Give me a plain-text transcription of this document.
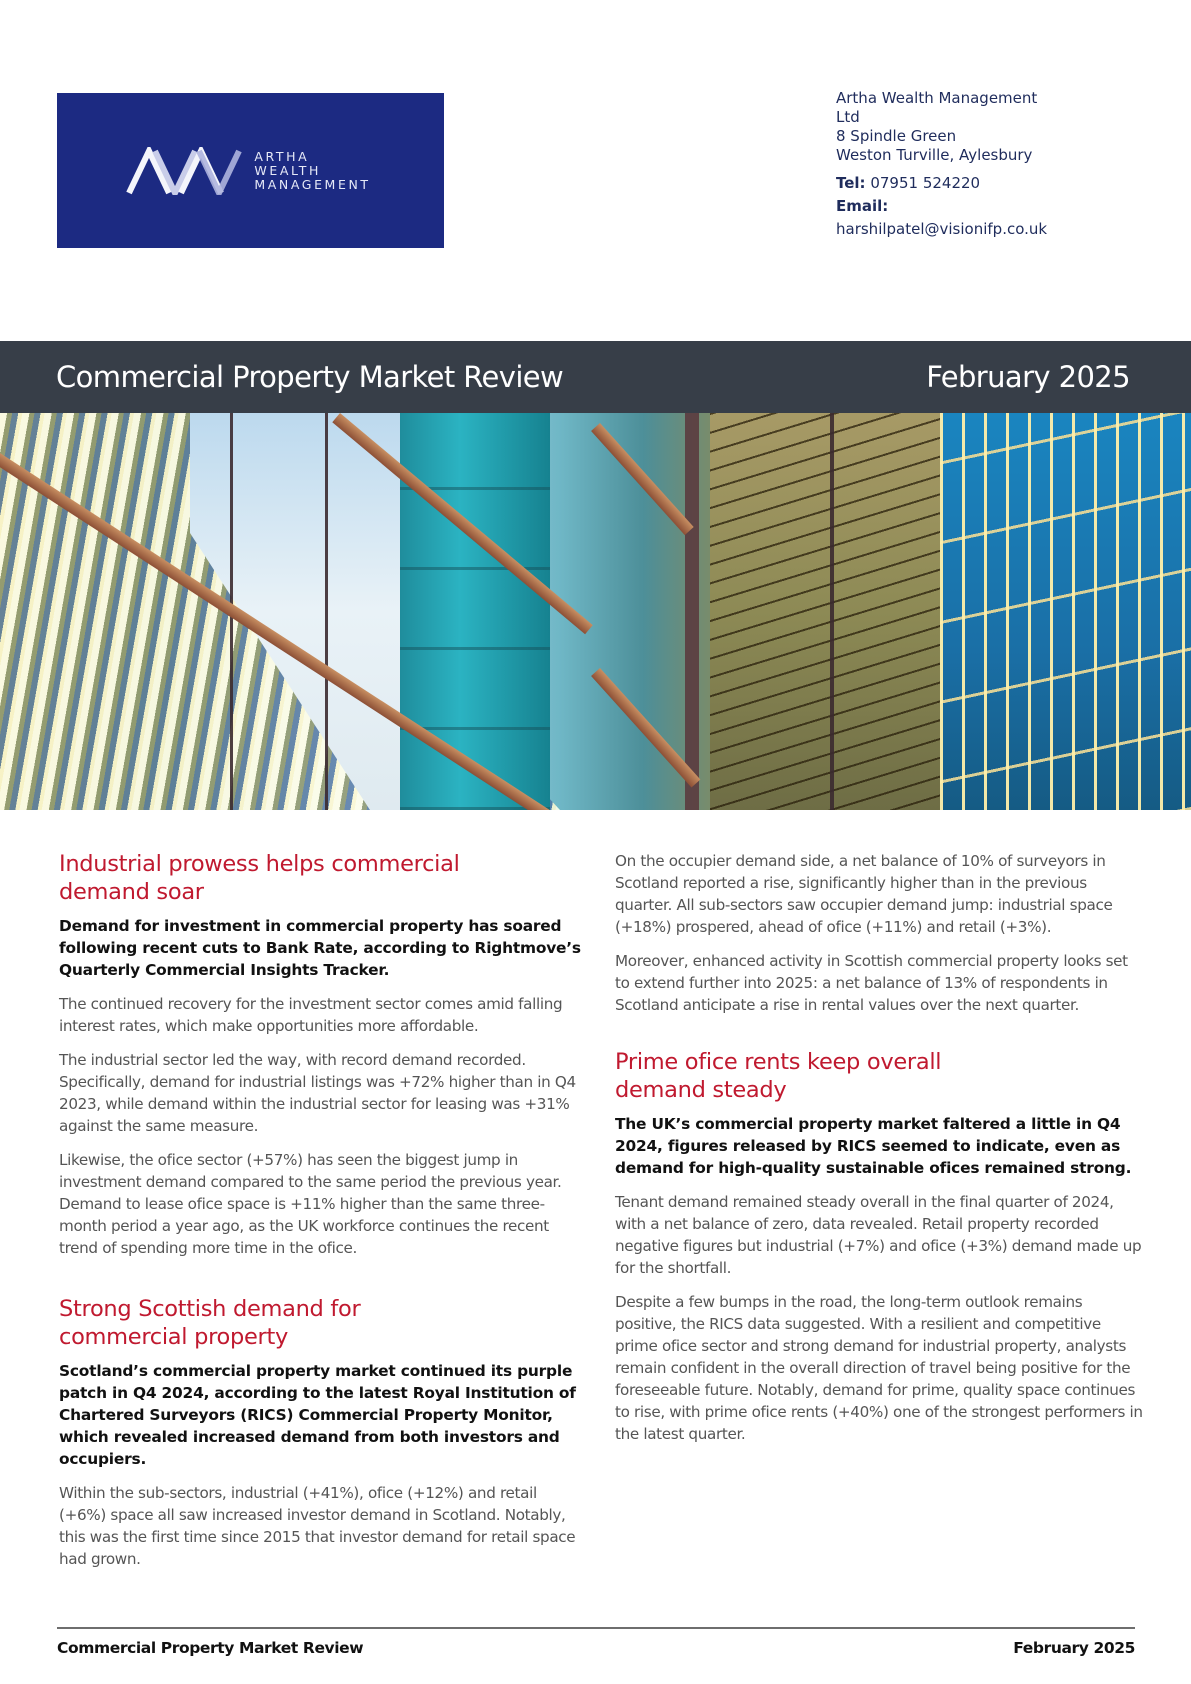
ARTHA
WEALTH
MANAGEMENT
Artha Wealth Management
Ltd
8 Spindle Green
Weston Turville, Aylesbury
Tel: 07951 524220
Email:
harshilpatel@visionifp.co.uk
Commercial Property Market Review	February 2025
Industrial prowess helps commercial
demand soar

Demand for investment in commercial property has soared following recent cuts to Bank Rate, according to Rightmove’s Quarterly Commercial Insights Tracker.

The continued recovery for the investment sector comes amid falling interest rates, which make opportunities more affordable.

The industrial sector led the way, with record demand recorded. Specifically, demand for industrial listings was +72% higher than in Q4 2023, while demand within the industrial sector for leasing was +31% against the same measure.

Likewise, the ofice sector (+57%) has seen the biggest jump in investment demand compared to the same period the previous year. Demand to lease ofice space is +11% higher than the same three-month period a year ago, as the UK workforce continues the recent trend of spending more time in the ofice.

Strong Scottish demand for
commercial property

Scotland’s commercial property market continued its purple patch in Q4 2024, according to the latest Royal Institution of Chartered Surveyors (RICS) Commercial Property Monitor, which revealed increased demand from both investors and occupiers.

Within the sub-sectors, industrial (+41%), ofice (+12%) and retail (+6%) space all saw increased investor demand in Scotland. Notably, this was the first time since 2015 that investor demand for retail space had grown.

On the occupier demand side, a net balance of 10% of surveyors in Scotland reported a rise, significantly higher than in the previous quarter. All sub-sectors saw occupier demand jump: industrial space (+18%) prospered, ahead of ofice (+11%) and retail (+3%).

Moreover, enhanced activity in Scottish commercial property looks set to extend further into 2025: a net balance of 13% of respondents in Scotland anticipate a rise in rental values over the next quarter.

Prime ofice rents keep overall
demand steady

The UK’s commercial property market faltered a little in Q4 2024, figures released by RICS seemed to indicate, even as demand for high-quality sustainable ofices remained strong.

Tenant demand remained steady overall in the final quarter of 2024, with a net balance of zero, data revealed. Retail property recorded negative figures but industrial (+7%) and ofice (+3%) demand made up for the shortfall.

Despite a few bumps in the road, the long-term outlook remains positive, the RICS data suggested. With a resilient and competitive prime ofice sector and strong demand for industrial property, analysts remain confident in the overall direction of travel being positive for the foreseeable future. Notably, demand for prime, quality space continues to rise, with prime ofice rents (+40%) one of the strongest performers in the latest quarter.

Commercial Property Market Review	February 2025
